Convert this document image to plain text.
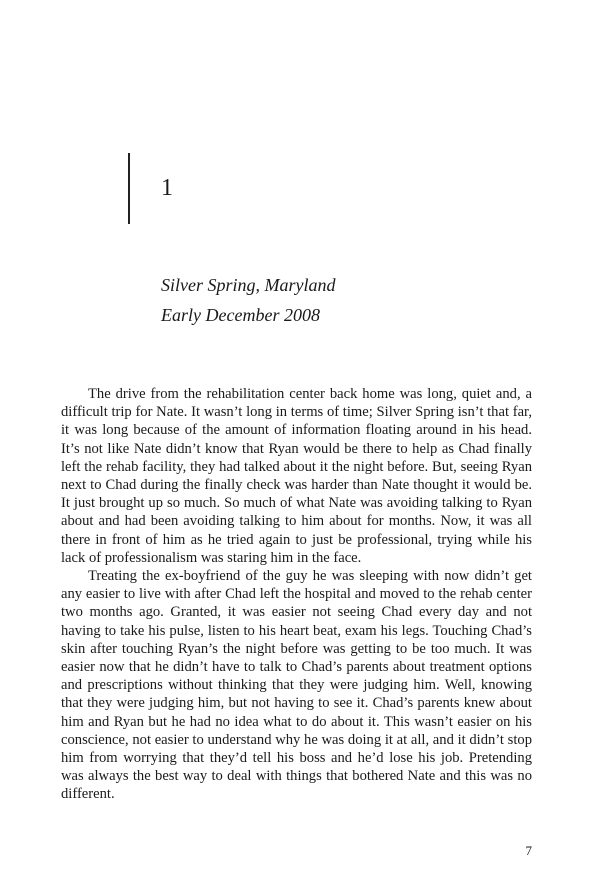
1
Silver Spring, Maryland
Early December 2008

The drive from the rehabilitation center back home was long, quiet and, a difficult trip for Nate. It wasn’t long in terms of time; Silver Spring isn’t that far, it was long because of the amount of information floating around in his head. It’s not like Nate didn’t know that Ryan would be there to help as Chad finally left the rehab facility, they had talked about it the night before. But, seeing Ryan next to Chad during the finally check was harder than Nate thought it would be. It just brought up so much. So much of what Nate was avoiding talking to Ryan about and had been avoiding talking to him about for months. Now, it was all there in front of him as he tried again to just be professional, trying while his lack of professionalism was staring him in the face.

Treating the ex-boyfriend of the guy he was sleeping with now didn’t get any easier to live with after Chad left the hospital and moved to the rehab center two months ago. Granted, it was easier not seeing Chad every day and not having to take his pulse, listen to his heart beat, exam his legs. Touching Chad’s skin after touching Ryan’s the night before was getting to be too much. It was easier now that he didn’t have to talk to Chad’s parents about treatment options and prescriptions without thinking that they were judging him. Well, knowing that they were judging him, but not having to see it. Chad’s parents knew about him and Ryan but he had no idea what to do about it. This wasn’t easier on his conscience, not easier to understand why he was doing it at all, and it didn’t stop him from worrying that they’d tell his boss and he’d lose his job. Pretending was always the best way to deal with things that bothered Nate and this was no different.

7
